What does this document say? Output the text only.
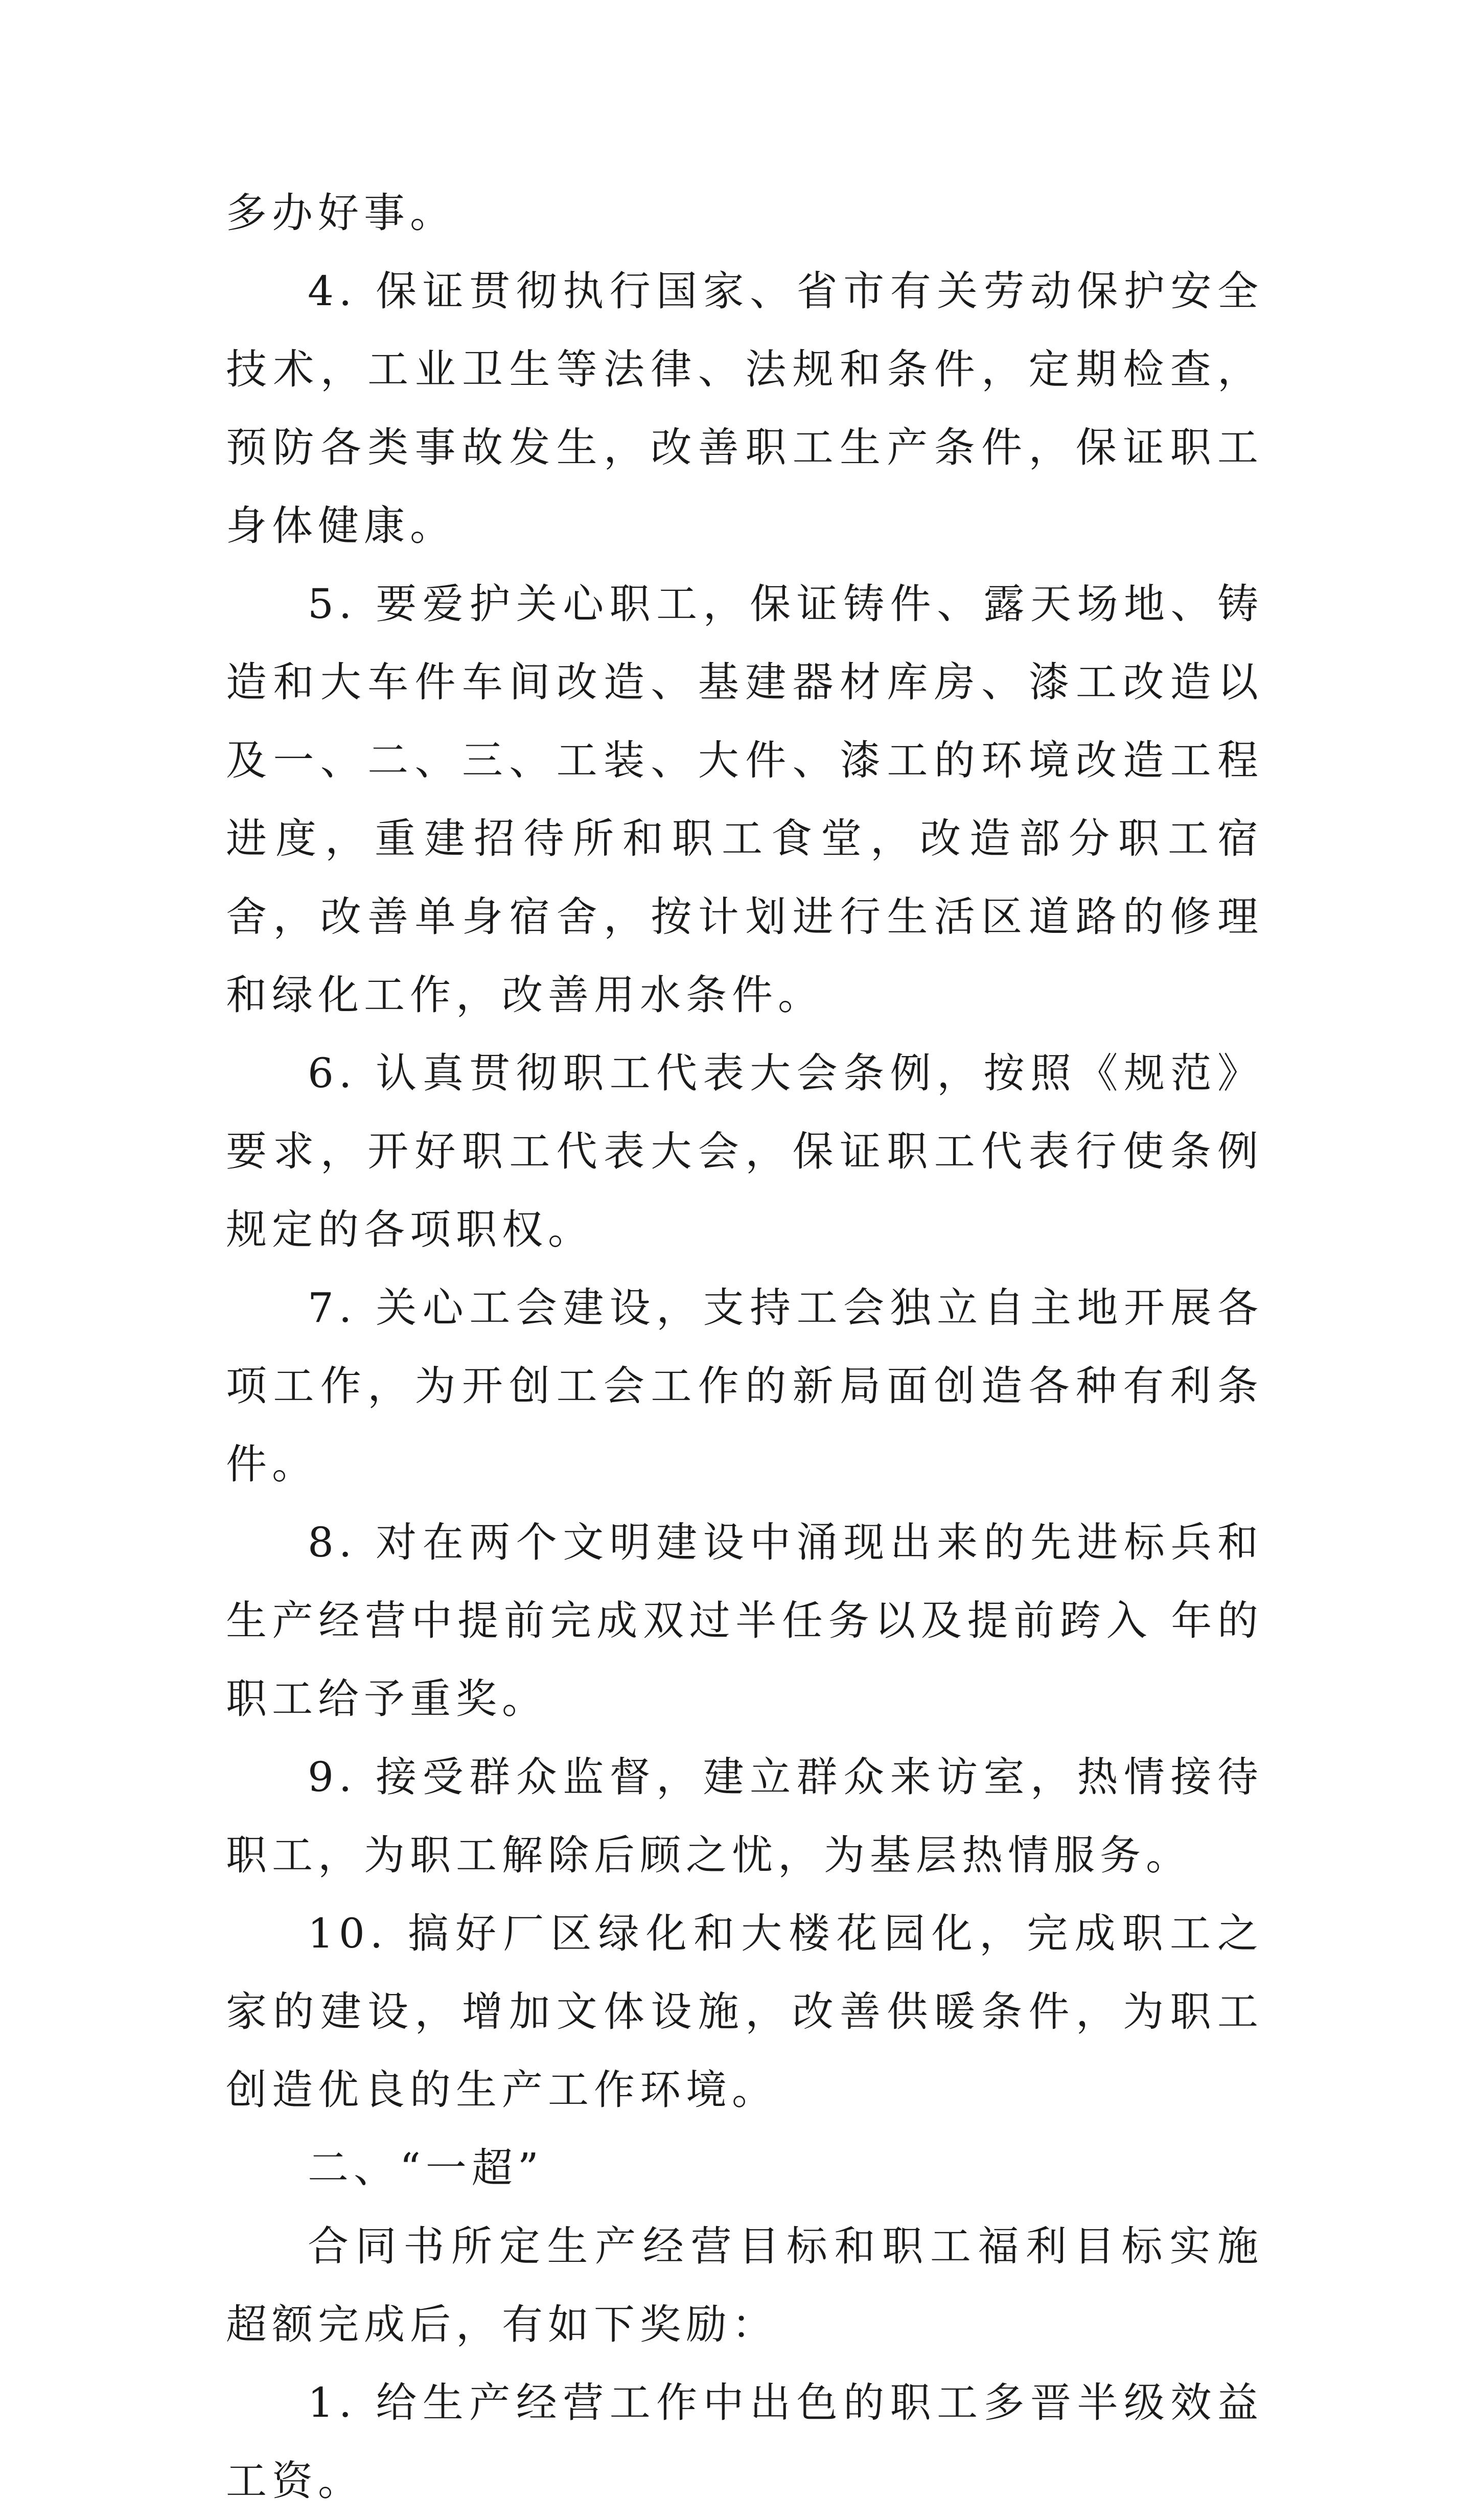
多办好事。

4. 保证贯彻执行国家、省市有关劳动保护安全技术，工业卫生等法律、法规和条件，定期检查，预防各类事故发生，改善职工生产条件，保证职工身体健康。

5. 要爱护关心职工，保证铸件、露天场地、铸造和大车件车间改造、基建器材库房、漆工改造以及一、二、三、工装、大件、漆工的环境改造工程进度，重建招待所和职工食堂，改造部分职工宿舍，改善单身宿舍，按计划进行生活区道路的修理和绿化工作，改善用水条件。

6. 认真贯彻职工代表大会条例，按照《规范》要求，开好职工代表大会，保证职工代表行使条例规定的各项职权。

7. 关心工会建设，支持工会独立自主地开展各项工作，为开创工会工作的新局面创造各种有利条件。

8. 对在两个文明建设中涌现出来的先进标兵和生产经营中提前完成双过半任务以及提前跨入 年的职工给予重奖。

9. 接受群众监督，建立群众来访室，热情接待职工，为职工解除后顾之忧，为基层热情服务。

10. 搞好厂区绿化和大楼花园化，完成职工之家的建设，增加文体设施，改善供暖条件，为职工创造优良的生产工作环境。

二、“一超”

合同书所定生产经营目标和职工福利目标实施超额完成后，有如下奖励：

1. 给生产经营工作中出色的职工多晋半级效益工资。
